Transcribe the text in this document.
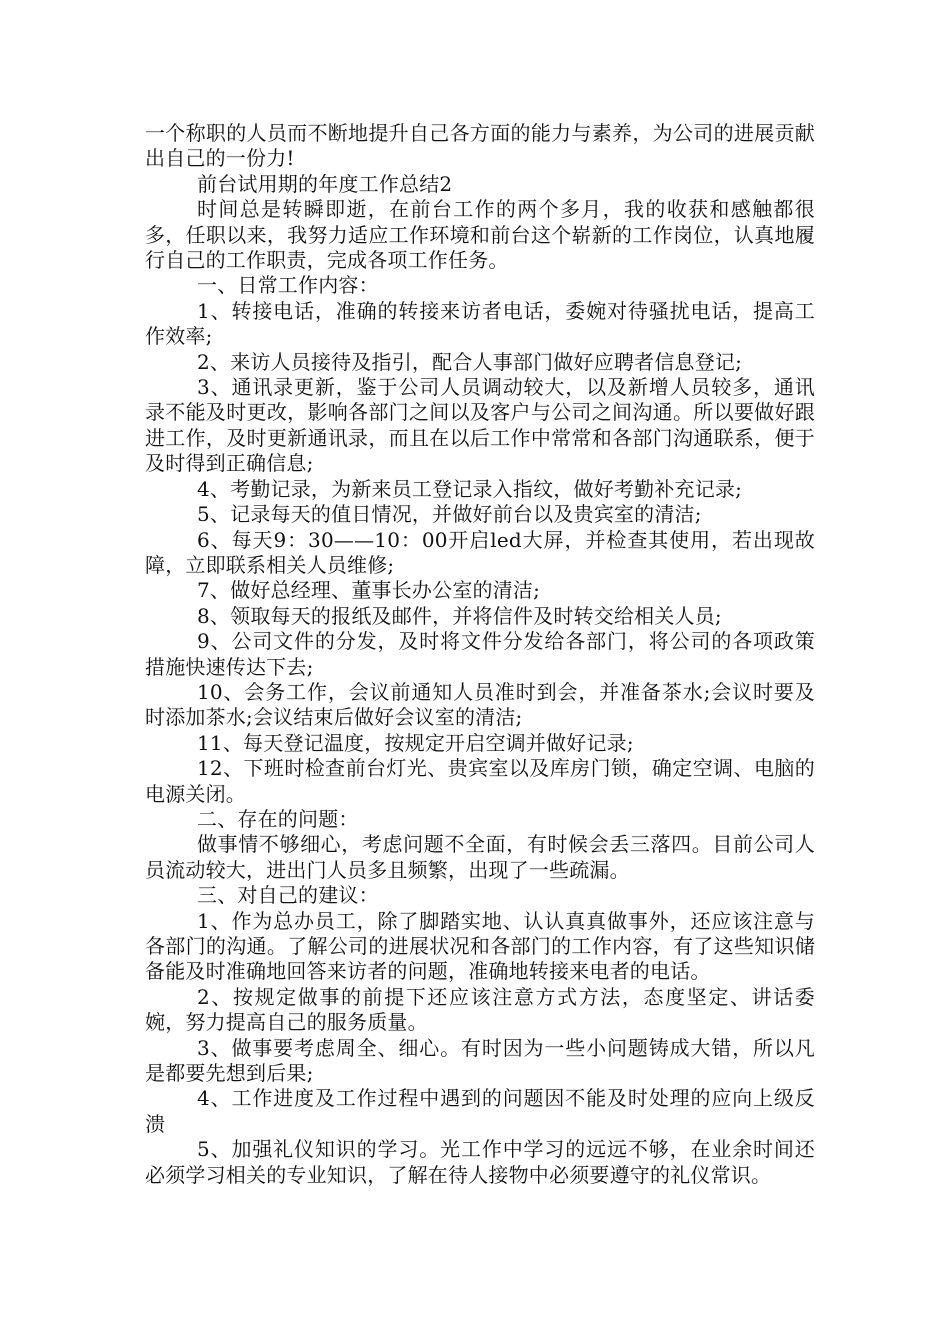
一个称职的人员而不断地提升自己各方面的能力与素养，为公司的进展贡献出自己的一份力!

前台试用期的年度工作总结2

时间总是转瞬即逝，在前台工作的两个多月，我的收获和感触都很多，任职以来，我努力适应工作环境和前台这个崭新的工作岗位，认真地履行自己的工作职责，完成各项工作任务。

一、日常工作内容：

1、转接电话，准确的转接来访者电话，委婉对待骚扰电话，提高工作效率;

2、来访人员接待及指引，配合人事部门做好应聘者信息登记;

3、通讯录更新，鉴于公司人员调动较大，以及新增人员较多，通讯录不能及时更改，影响各部门之间以及客户与公司之间沟通。所以要做好跟进工作，及时更新通讯录，而且在以后工作中常常和各部门沟通联系，便于及时得到正确信息;

4、考勤记录，为新来员工登记录入指纹，做好考勤补充记录;

5、记录每天的值日情况，并做好前台以及贵宾室的清洁;

6、每天9：30——10：00开启led大屏，并检查其使用，若出现故障，立即联系相关人员维修;

7、做好总经理、董事长办公室的清洁;

8、领取每天的报纸及邮件，并将信件及时转交给相关人员;

9、公司文件的分发，及时将文件分发给各部门，将公司的各项政策措施快速传达下去;

10、会务工作，会议前通知人员准时到会，并准备茶水;会议时要及时添加茶水;会议结束后做好会议室的清洁;

11、每天登记温度，按规定开启空调并做好记录;

12、下班时检查前台灯光、贵宾室以及库房门锁，确定空调、电脑的电源关闭。

二、存在的问题：

做事情不够细心，考虑问题不全面，有时候会丢三落四。目前公司人员流动较大，进出门人员多且频繁，出现了一些疏漏。

三、对自己的建议：

1、作为总办员工，除了脚踏实地、认认真真做事外，还应该注意与各部门的沟通。了解公司的进展状况和各部门的工作内容，有了这些知识储备能及时准确地回答来访者的问题，准确地转接来电者的电话。

2、按规定做事的前提下还应该注意方式方法，态度坚定、讲话委婉，努力提高自己的服务质量。

3、做事要考虑周全、细心。有时因为一些小问题铸成大错，所以凡是都要先想到后果;

4、工作进度及工作过程中遇到的问题因不能及时处理的应向上级反溃

5、加强礼仪知识的学习。光工作中学习的远远不够，在业余时间还必须学习相关的专业知识，了解在待人接物中必须要遵守的礼仪常识。
